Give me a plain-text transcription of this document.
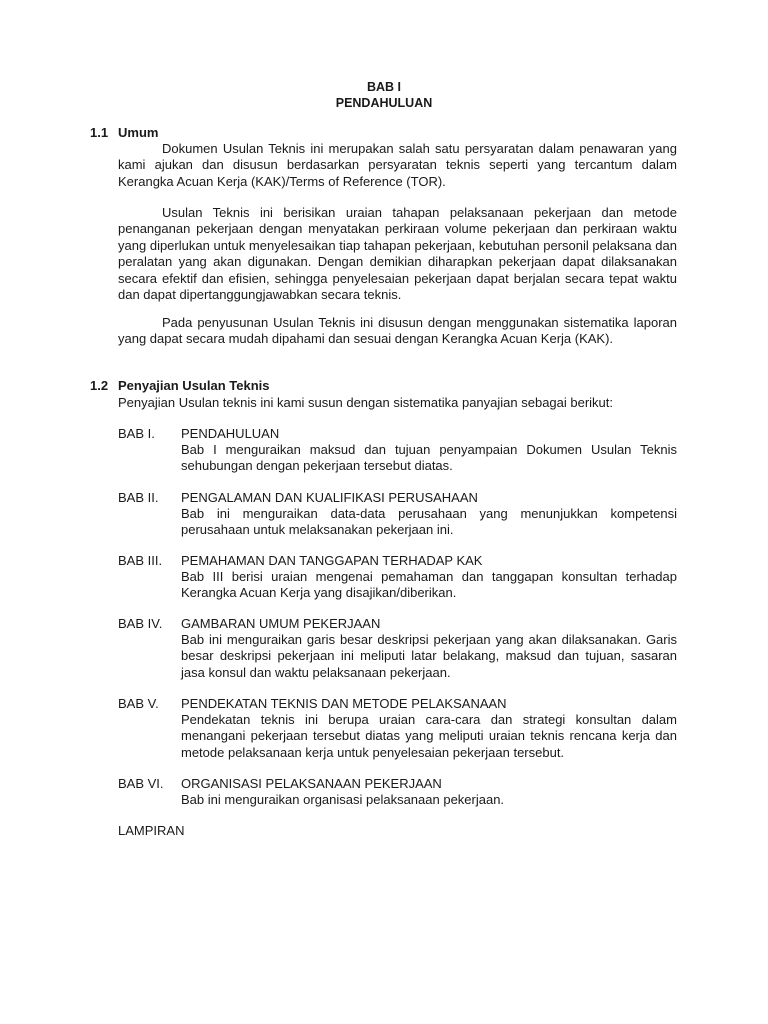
BAB I
PENDAHULUAN
1.1 Umum
Dokumen Usulan Teknis ini merupakan salah satu persyaratan dalam penawaran yang kami ajukan dan disusun berdasarkan persyaratan teknis seperti yang tercantum dalam Kerangka Acuan Kerja (KAK)/Terms of Reference (TOR).
Usulan Teknis ini berisikan uraian tahapan pelaksanaan pekerjaan dan metode penanganan pekerjaan dengan menyatakan perkiraan volume pekerjaan dan perkiraan waktu yang diperlukan untuk menyelesaikan tiap tahapan pekerjaan, kebutuhan personil pelaksana dan peralatan yang akan digunakan. Dengan demikian diharapkan pekerjaan dapat dilaksanakan secara efektif dan efisien, sehingga penyelesaian pekerjaan dapat berjalan secara tepat waktu dan dapat dipertanggungjawabkan secara teknis.
Pada penyusunan Usulan Teknis ini disusun dengan menggunakan sistematika laporan yang dapat secara mudah dipahami dan sesuai dengan Kerangka Acuan Kerja (KAK).
1.2 Penyajian Usulan Teknis
Penyajian Usulan teknis ini kami susun dengan sistematika panyajian sebagai berikut:
BAB I.	PENDAHULUAN
Bab I menguraikan maksud dan tujuan penyampaian Dokumen Usulan Teknis sehubungan dengan pekerjaan tersebut diatas.
BAB II.	PENGALAMAN DAN KUALIFIKASI PERUSAHAAN
Bab ini menguraikan data-data perusahaan yang menunjukkan kompetensi perusahaan untuk melaksanakan pekerjaan ini.
BAB III.	PEMAHAMAN DAN TANGGAPAN TERHADAP KAK
Bab III berisi uraian mengenai pemahaman dan tanggapan konsultan terhadap Kerangka Acuan Kerja yang disajikan/diberikan.
BAB IV.	GAMBARAN UMUM PEKERJAAN
Bab ini menguraikan garis besar deskripsi pekerjaan yang akan dilaksanakan. Garis besar deskripsi pekerjaan ini meliputi latar belakang, maksud dan tujuan, sasaran jasa konsul dan waktu pelaksanaan pekerjaan.
BAB V.	PENDEKATAN TEKNIS DAN METODE PELAKSANAAN
Pendekatan teknis ini berupa uraian cara-cara dan strategi konsultan dalam menangani pekerjaan tersebut diatas yang meliputi uraian teknis rencana kerja dan metode pelaksanaan kerja untuk penyelesaian pekerjaan tersebut.
BAB VI.	ORGANISASI PELAKSANAAN PEKERJAAN
Bab ini menguraikan organisasi pelaksanaan pekerjaan.
LAMPIRAN
